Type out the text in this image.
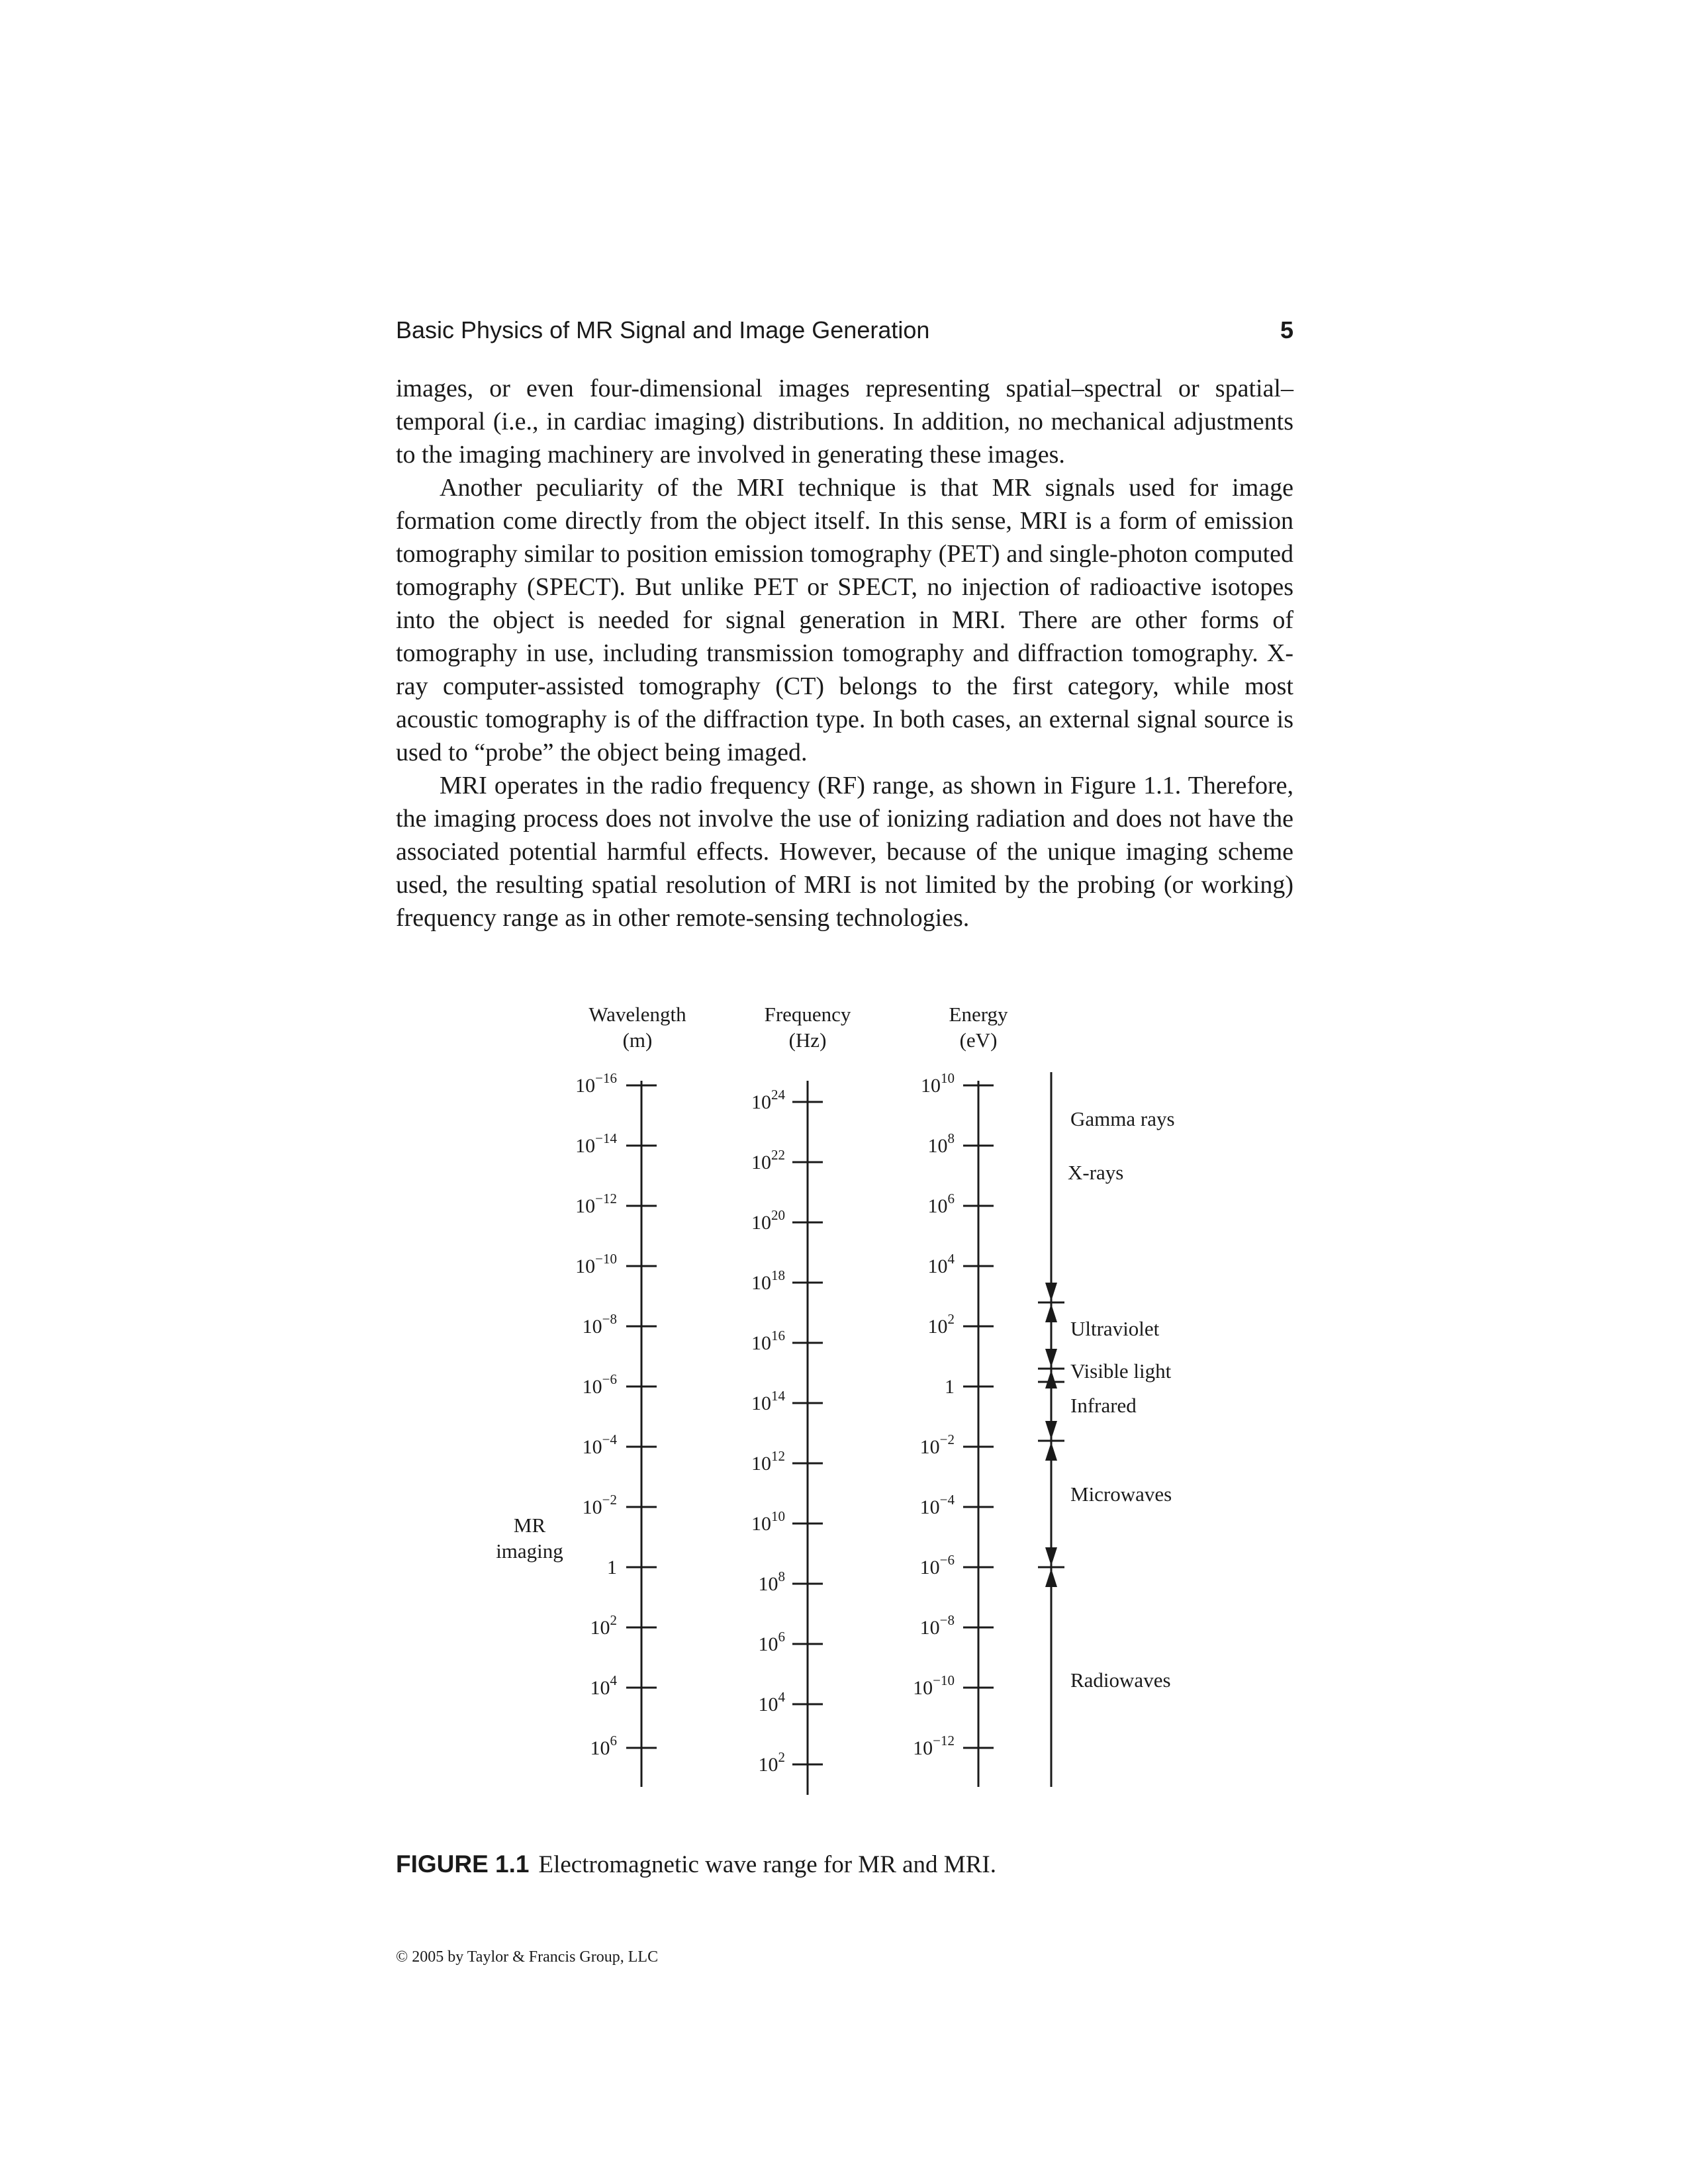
Basic Physics of MR Signal and Image Generation	5

images, or even four-dimensional images representing spatial–spectral or spatial–temporal (i.e., in cardiac imaging) distributions. In addition, no mechanical adjustments to the imaging machinery are involved in generating these images.

Another peculiarity of the MRI technique is that MR signals used for image formation come directly from the object itself. In this sense, MRI is a form of emission tomography similar to position emission tomography (PET) and single-photon computed tomography (SPECT). But unlike PET or SPECT, no injection of radioactive isotopes into the object is needed for signal generation in MRI. There are other forms of tomography in use, including transmission tomography and diffraction tomography. X-ray computer-assisted tomography (CT) belongs to the first category, while most acoustic tomography is of the diffraction type. In both cases, an external signal source is used to “probe” the object being imaged.

MRI operates in the radio frequency (RF) range, as shown in Figure 1.1. Therefore, the imaging process does not involve the use of ionizing radiation and does not have the associated potential harmful effects. However, because of the unique imaging scheme used, the resulting spatial resolution of MRI is not limited by the probing (or working) frequency range as in other remote-sensing technologies.

Wavelength
(m)
Frequency
(Hz)
Energy
(eV)
$10^{-16}$
$10^{-14}$
$10^{-12}$
$10^{-10}$
$10^{-8}$
$10^{-6}$
$10^{-4}$
$10^{-2}$
1
$10^2$
$10^4$
$10^6$
$10^{24}$
$10^{22}$
$10^{20}$
$10^{18}$
$10^{16}$
$10^{14}$
$10^{12}$
$10^{10}$
$10^8$
$10^6$
$10^4$
$10^2$
$10^{10}$
$10^8$
$10^6$
$10^4$
$10^2$
1
$10^{-2}$
$10^{-4}$
$10^{-6}$
$10^{-8}$
$10^{-10}$
$10^{-12}$
Gamma rays
X-rays
Ultraviolet
Visible light
Infrared
Microwaves
Radiowaves
MR
imaging
FIGURE 1.1 Electromagnetic wave range for MR and MRI.
© 2005 by Taylor & Francis Group, LLC
